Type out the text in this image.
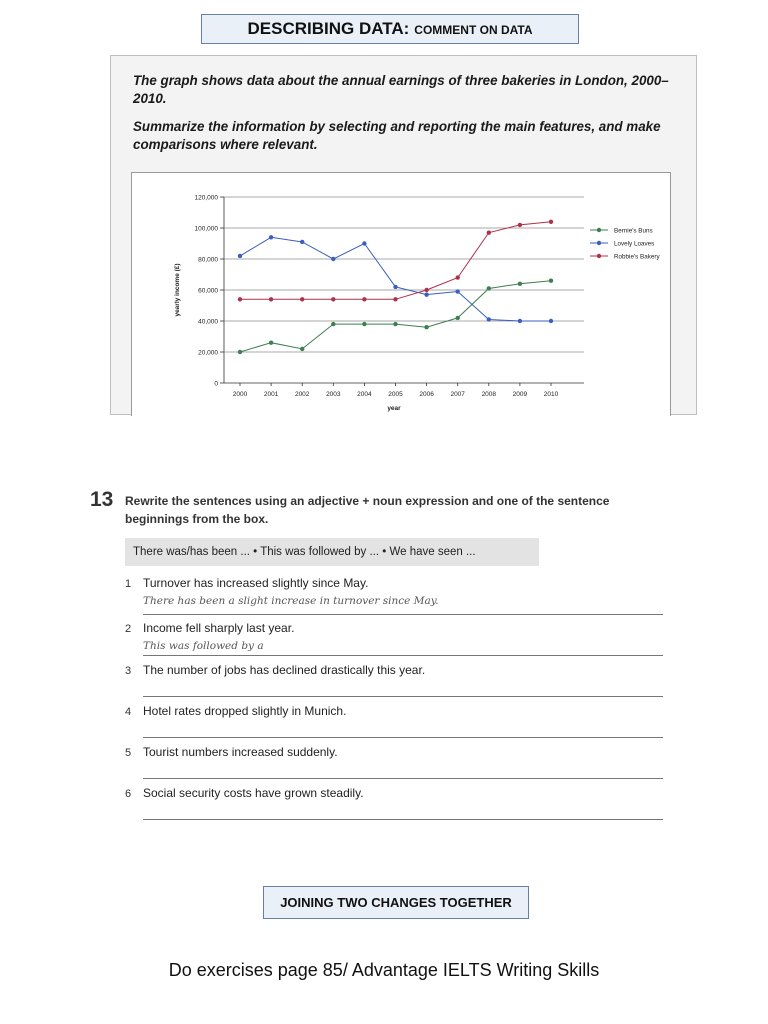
DESCRIBING DATA: COMMENT ON DATA
The graph shows data about the annual earnings of three bakeries in London, 2000–2010.
Summarize the information by selecting and reporting the main features, and make comparisons where relevant.
0
20,000
40,000
60,000
80,000
100,000
120,000
2000	2001	2002	2003	2004	2005	2006	2007	2008	2009	2010
year
yearly income (£)
Bernie's Buns
Lovely Loaves
Robbie's Bakery
13 Rewrite the sentences using an adjective + noun expression and one of the sentence beginnings from the box.
There was/has been ... • This was followed by ... • We have seen ...
1 Turnover has increased slightly since May.
There has been a slight increase in turnover since May.
2 Income fell sharply last year.
This was followed by a
3 The number of jobs has declined drastically this year.
4 Hotel rates dropped slightly in Munich.
5 Tourist numbers increased suddenly.
6 Social security costs have grown steadily.
JOINING TWO CHANGES TOGETHER
Do exercises page 85/ Advantage IELTS Writing Skills
